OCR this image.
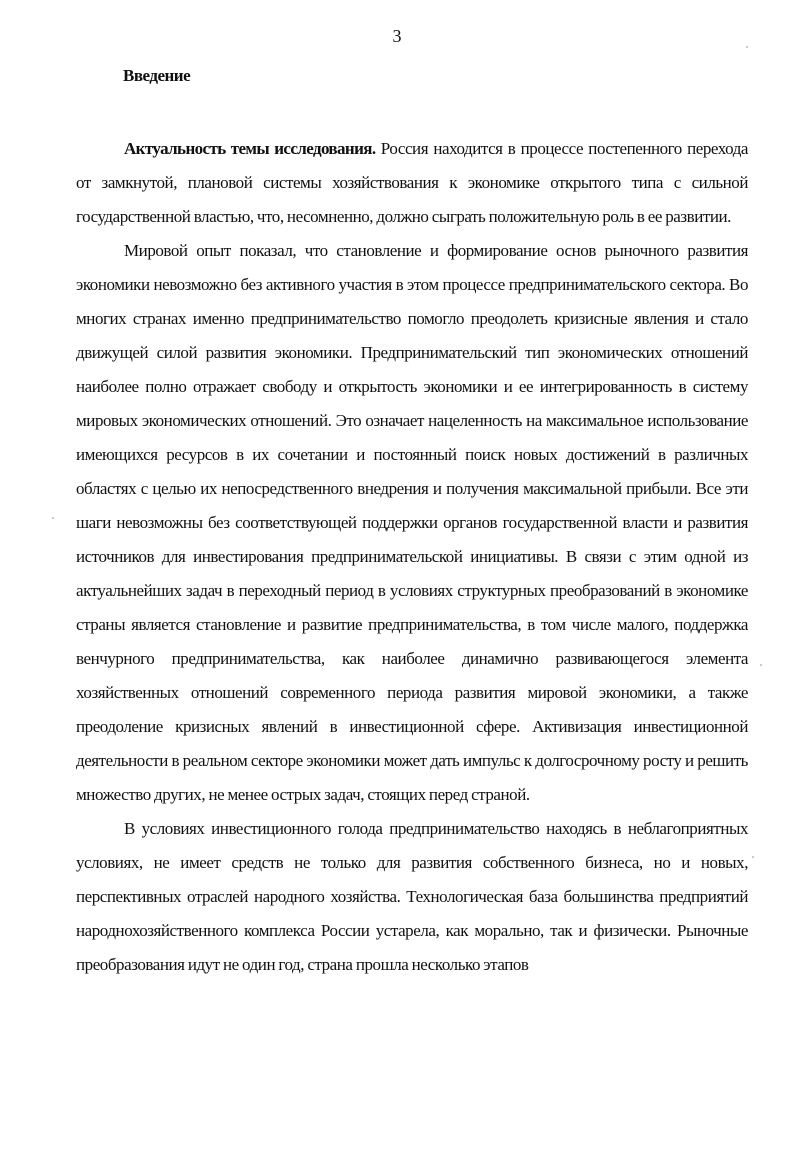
3
Введение

Актуальность темы исследования. Россия находится в процессе постепенного перехода от замкнутой, плановой системы хозяйствования к экономике открытого типа с сильной государственной властью, что, несомненно, должно сыграть положительную роль в ее развитии.

Мировой опыт показал, что становление и формирование основ рыночного развития экономики невозможно без активного участия в этом процессе предпринимательского сектора. Во многих странах именно предпринимательство помогло преодолеть кризисные явления и стало движущей силой развития экономики. Предпринимательский тип экономических отношений наиболее полно отражает свободу и открытость экономики и ее интегрированность в систему мировых экономических отношений. Это означает нацеленность на максимальное использование имеющихся ресурсов в их сочетании и постоянный поиск новых достижений в различных областях с целью их непосредственного внедрения и получения максимальной прибыли. Все эти шаги невозможны без соответствующей поддержки органов государственной власти и развития источников для инвестирования предпринимательской инициативы. В связи с этим одной из актуальнейших задач в переходный период в условиях структурных преобразований в экономике страны является становление и развитие предпринимательства, в том числе малого, поддержка венчурного предпринимательства, как наиболее динамично развивающегося элемента хозяйственных отношений современного периода развития мировой экономики, а также преодоление кризисных явлений в инвестиционной сфере. Активизация инвестиционной деятельности в реальном секторе экономики может дать импульс к долгосрочному росту и решить множество других, не менее острых задач, стоящих перед страной.

В условиях инвестиционного голода предпринимательство находясь в неблагоприятных условиях, не имеет средств не только для развития собственного бизнеса, но и новых, перспективных отраслей народного хозяйства. Технологическая база большинства предприятий народнохозяйственного комплекса России устарела, как морально, так и физически. Рыночные преобразования идут не один год, страна прошла несколько этапов
